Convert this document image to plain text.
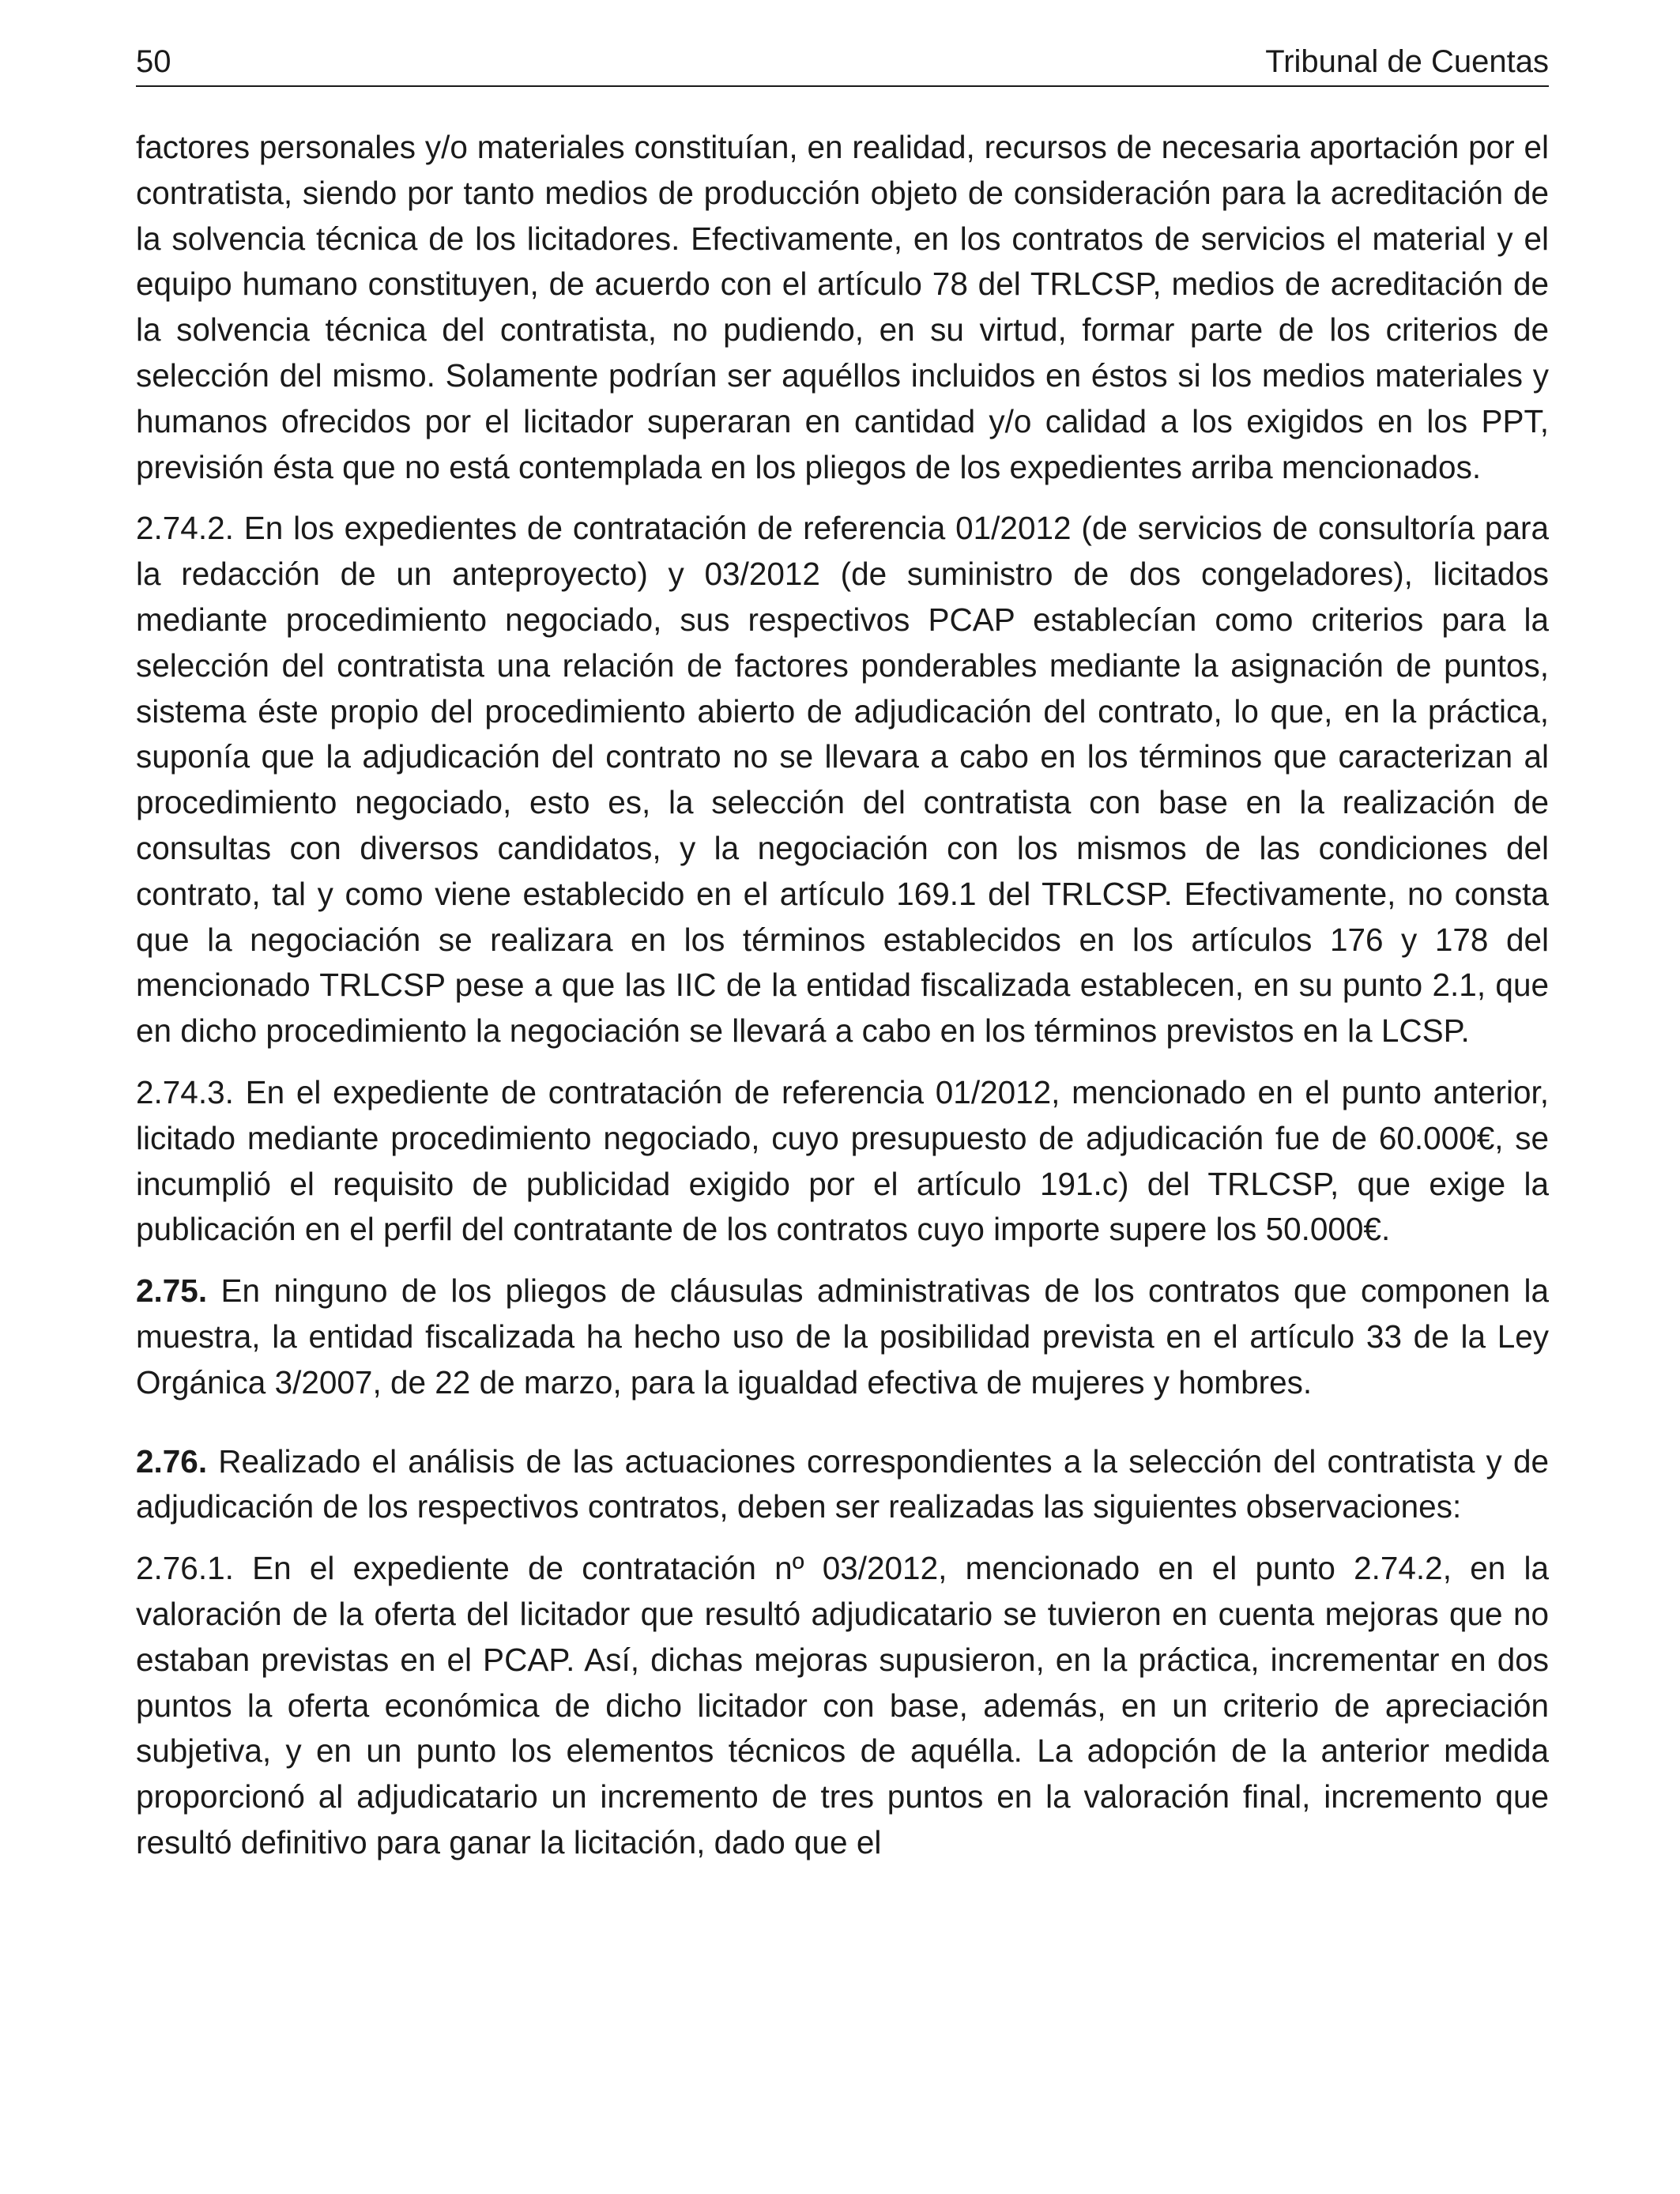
50	Tribunal de Cuentas

factores personales y/o materiales constituían, en realidad, recursos de necesaria aportación por el contratista, siendo por tanto medios de producción objeto de consideración para la acreditación de la solvencia técnica de los licitadores. Efectivamente, en los contratos de servicios el material y el equipo humano constituyen, de acuerdo con el artículo 78 del TRLCSP, medios de acreditación de la solvencia técnica del contratista, no pudiendo, en su virtud, formar parte de los criterios de selección del mismo. Solamente podrían ser aquéllos incluidos en éstos si los medios materiales y humanos ofrecidos por el licitador superaran en cantidad y/o calidad a los exigidos en los PPT, previsión ésta que no está contemplada en los pliegos de los expedientes arriba mencionados.

2.74.2. En los expedientes de contratación de referencia 01/2012 (de servicios de consultoría para la redacción de un anteproyecto) y 03/2012 (de suministro de dos congeladores), licitados mediante procedimiento negociado, sus respectivos PCAP establecían como criterios para la selección del contratista una relación de factores ponderables mediante la asignación de puntos, sistema éste propio del procedimiento abierto de adjudicación del contrato, lo que, en la práctica, suponía que la adjudicación del contrato no se llevara a cabo en los términos que caracterizan al procedimiento negociado, esto es, la selección del contratista con base en la realización de consultas con diversos candidatos, y la negociación con los mismos de las condiciones del contrato, tal y como viene establecido en el artículo 169.1 del TRLCSP. Efectivamente, no consta que la negociación se realizara en los términos establecidos en los artículos 176 y 178 del mencionado TRLCSP pese a que las IIC de la entidad fiscalizada establecen, en su punto 2.1, que en dicho procedimiento la negociación se llevará a cabo en los términos previstos en la LCSP.

2.74.3. En el expediente de contratación de referencia 01/2012, mencionado en el punto anterior, licitado mediante procedimiento negociado, cuyo presupuesto de adjudicación fue de 60.000€, se incumplió el requisito de publicidad exigido por el artículo 191.c) del TRLCSP, que exige la publicación en el perfil del contratante de los contratos cuyo importe supere los 50.000€.

2.75. En ninguno de los pliegos de cláusulas administrativas de los contratos que componen la muestra, la entidad fiscalizada ha hecho uso de la posibilidad prevista en el artículo 33 de la Ley Orgánica 3/2007, de 22 de marzo, para la igualdad efectiva de mujeres y hombres.

2.76. Realizado el análisis de las actuaciones correspondientes a la selección del contratista y de adjudicación de los respectivos contratos, deben ser realizadas las siguientes observaciones:

2.76.1. En el expediente de contratación nº 03/2012, mencionado en el punto 2.74.2, en la valoración de la oferta del licitador que resultó adjudicatario se tuvieron en cuenta mejoras que no estaban previstas en el PCAP. Así, dichas mejoras supusieron, en la práctica, incrementar en dos puntos la oferta económica de dicho licitador con base, además, en un criterio de apreciación subjetiva, y en un punto los elementos técnicos de aquélla. La adopción de la anterior medida proporcionó al adjudicatario un incremento de tres puntos en la valoración final, incremento que resultó definitivo para ganar la licitación, dado que el
